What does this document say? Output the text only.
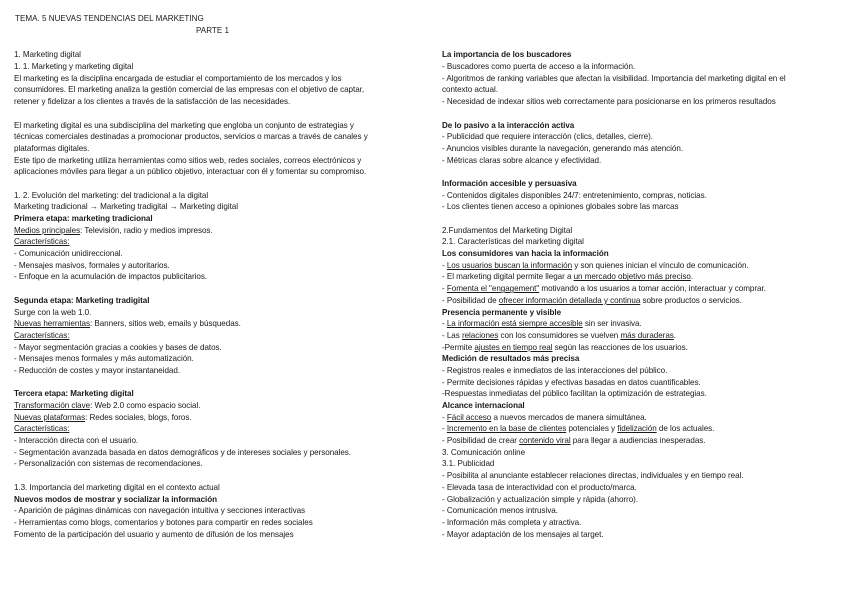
TEMA. 5 NUEVAS TENDENCIAS DEL MARKETING
PARTE 1
1. Marketing digital
1. 1. Marketing y marketing digital
El marketing es la disciplina encargada de estudiar el comportamiento de los mercados y los
consumidores. El marketing analiza la gestión comercial de las empresas con el objetivo de captar,
retener y fidelizar a los clientes a través de la satisfacción de las necesidades.
El marketing digital es una subdisciplina del marketing que engloba un conjunto de estrategias y
técnicas comerciales destinadas a promocionar productos, servicios o marcas a través de canales y
plataformas digitales.
Este tipo de marketing utiliza herramientas como sitios web, redes sociales, correos electrónicos y
aplicaciones móviles para llegar a un público objetivo, interactuar con él y fomentar su compromiso.
1. 2. Evolución del marketing: del tradicional a la digital
Marketing tradicional → Marketing tradigital → Marketing digital
Primera etapa: marketing tradicional
Medios principales: Televisión, radio y medios impresos.
Características:
- Comunicación unidireccional.
- Mensajes masivos, formales y autoritarios.
- Enfoque en la acumulación de impactos publicitarios.
Segunda etapa: Marketing tradigital
Surge con la web 1.0.
Nuevas herramientas: Banners, sitios web, emails y búsquedas.
Características:
- Mayor segmentación gracias a cookies y bases de datos.
- Mensajes menos formales y más automatización.
- Reducción de costes y mayor instantaneidad.
Tercera etapa: Marketing digital
Transformación clave: Web 2.0 como espacio social.
Nuevas plataformas: Redes sociales, blogs, foros.
Características:
- Interacción directa con el usuario.
- Segmentación avanzada basada en datos demográficos y de intereses sociales y personales.
- Personalización con sistemas de recomendaciones.
1.3. Importancia del marketing digital en el contexto actual
Nuevos modos de mostrar y socializar la información
- Aparición de páginas dinámicas con navegación intuitiva y secciones interactivas
- Herramientas como blogs, comentarios y botones para compartir en redes sociales
Fomento de la participación del usuario y aumento de difusión de los mensajes
La importancia de los buscadores
- Buscadores como puerta de acceso a la información.
- Algoritmos de ranking variables que afectan la visibilidad. Importancia del marketing digital en el
contexto actual.
- Necesidad de indexar sitios web correctamente para posicionarse en los primeros resultados
De lo pasivo a la interacción activa
- Publicidad que requiere interacción (clics, detalles, cierre).
- Anuncios visibles durante la navegación, generando más atención.
- Métricas claras sobre alcance y efectividad.
Información accesible y persuasiva
- Contenidos digitales disponibles 24/7: entretenimiento, compras, noticias.
- Los clientes tienen acceso a opiniones globales sobre las marcas
2.Fundamentos del Marketing Digital
2.1. Características del marketing digital
Los consumidores van hacia la información
- Los usuarios buscan la información y son quienes inician el vínculo de comunicación.
- El marketing digital permite llegar a un mercado objetivo más preciso.
- Fomenta el "engagement" motivando a los usuarios a tomar acción, interactuar y comprar.
- Posibilidad de ofrecer información detallada y continua sobre productos o servicios.
Presencia permanente y visible
- La información está siempre accesible sin ser invasiva.
- Las relaciones con los consumidores se vuelven más duraderas.
-Permite ajustes en tiempo real según las reacciones de los usuarios.
Medición de resultados más precisa
- Registros reales e inmediatos de las interacciones del público.
- Permite decisiones rápidas y efectivas basadas en datos cuantificables.
-Respuestas inmediatas del público facilitan la optimización de estrategias.
Alcance internacional
- Fácil acceso a nuevos mercados de manera simultánea.
- Incremento en la base de clientes potenciales y fidelización de los actuales.
- Posibilidad de crear contenido viral para llegar a audiencias inesperadas.
3. Comunicación online
3.1. Publicidad
- Posibilita al anunciante establecer relaciones directas, individuales y en tiempo real.
- Elevada tasa de interactividad con el producto/marca.
- Globalización y actualización simple y rápida (ahorro).
- Comunicación menos intrusiva.
- Información más completa y atractiva.
- Mayor adaptación de los mensajes al target.
